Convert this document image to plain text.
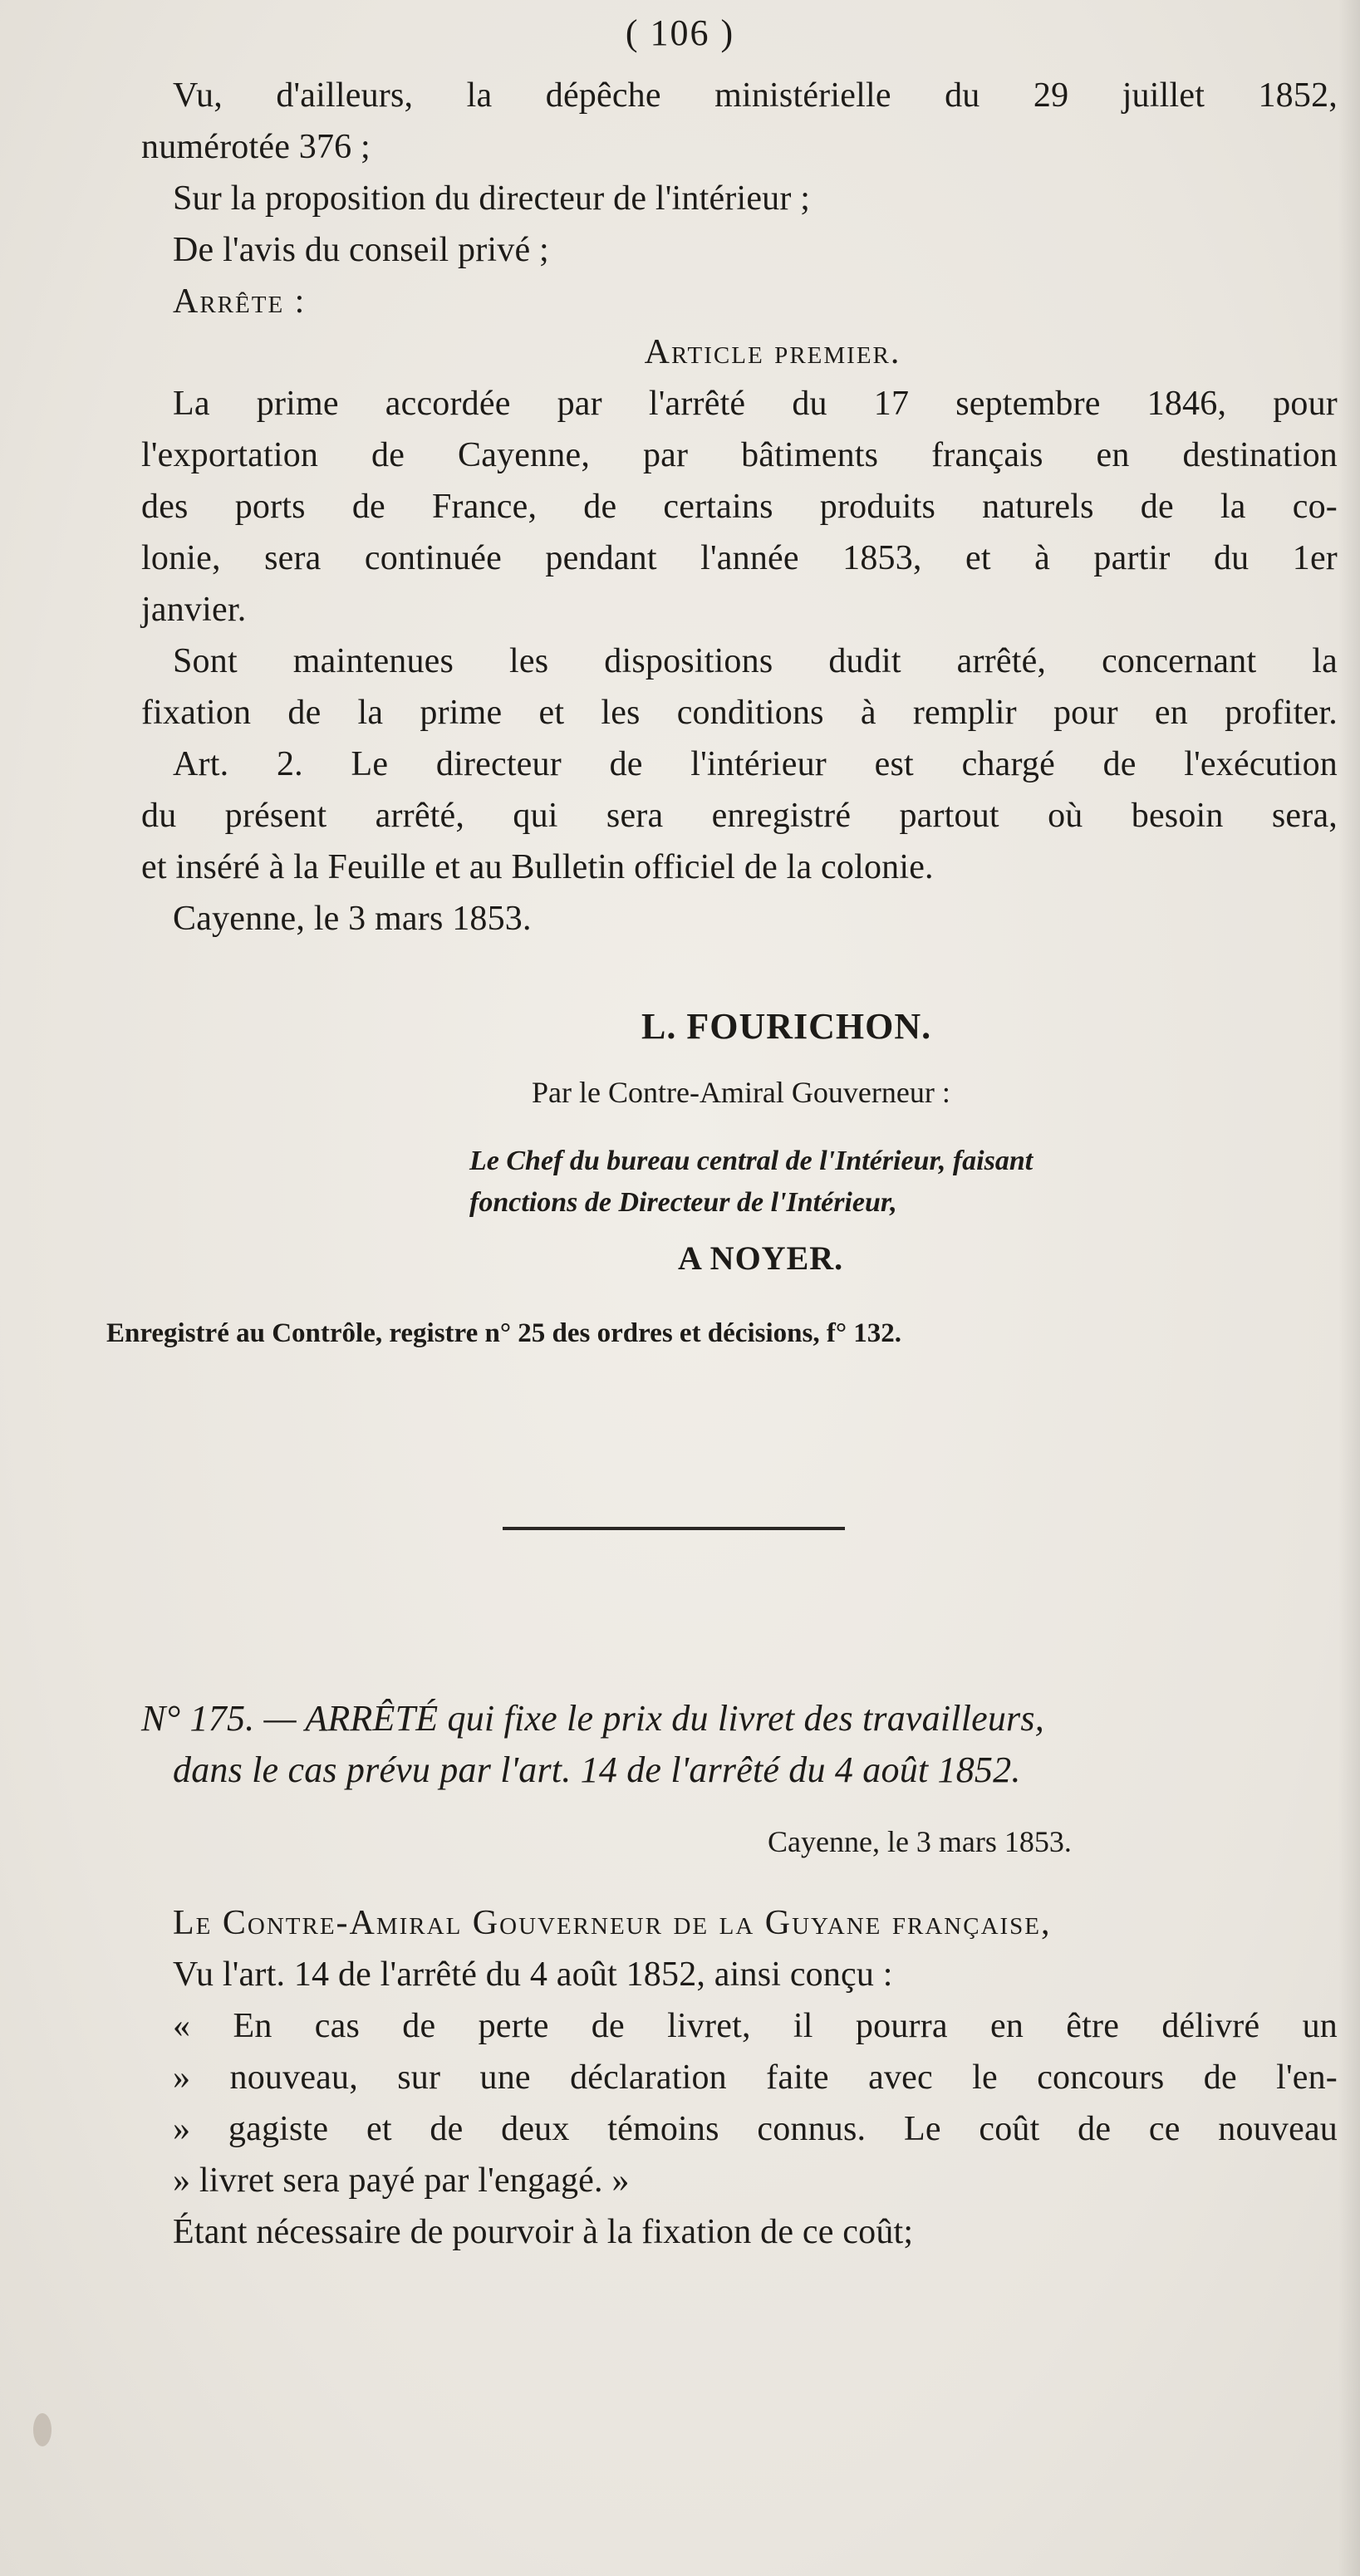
( 106 )
Vu, d'ailleurs, la dépêche ministérielle du 29 juillet 1852,
numérotée 376 ;
Sur la proposition du directeur de l'intérieur ;
De l'avis du conseil privé ;
Arrête :
Article premier.
La prime accordée par l'arrêté du 17 septembre 1846, pour
l'exportation de Cayenne, par bâtiments français en destination
des ports de France, de certains produits naturels de la co-
lonie, sera continuée pendant l'année 1853, et à partir du 1er
janvier.
Sont maintenues les dispositions dudit arrêté, concernant la
fixation de la prime et les conditions à remplir pour en profiter.
Art. 2. Le directeur de l'intérieur est chargé de l'exécution
du présent arrêté, qui sera enregistré partout où besoin sera,
et inséré à la Feuille et au Bulletin officiel de la colonie.
Cayenne, le 3 mars 1853.
L. FOURICHON.
Par le Contre-Amiral Gouverneur :
Le Chef du bureau central de l'Intérieur, faisant
fonctions de Directeur de l'Intérieur,
A NOYER.
Enregistré au Contrôle, registre n° 25 des ordres et décisions, f° 132.
N° 175. — ARRÊTÉ qui fixe le prix du livret des travailleurs,
dans le cas prévu par l'art. 14 de l'arrêté du 4 août 1852.
Cayenne, le 3 mars 1853.
Le Contre-Amiral Gouverneur de la Guyane française,
Vu l'art. 14 de l'arrêté du 4 août 1852, ainsi conçu :
« En cas de perte de livret, il pourra en être délivré un
» nouveau, sur une déclaration faite avec le concours de l'en-
» gagiste et de deux témoins connus. Le coût de ce nouveau
» livret sera payé par l'engagé. »
Étant nécessaire de pourvoir à la fixation de ce coût;
